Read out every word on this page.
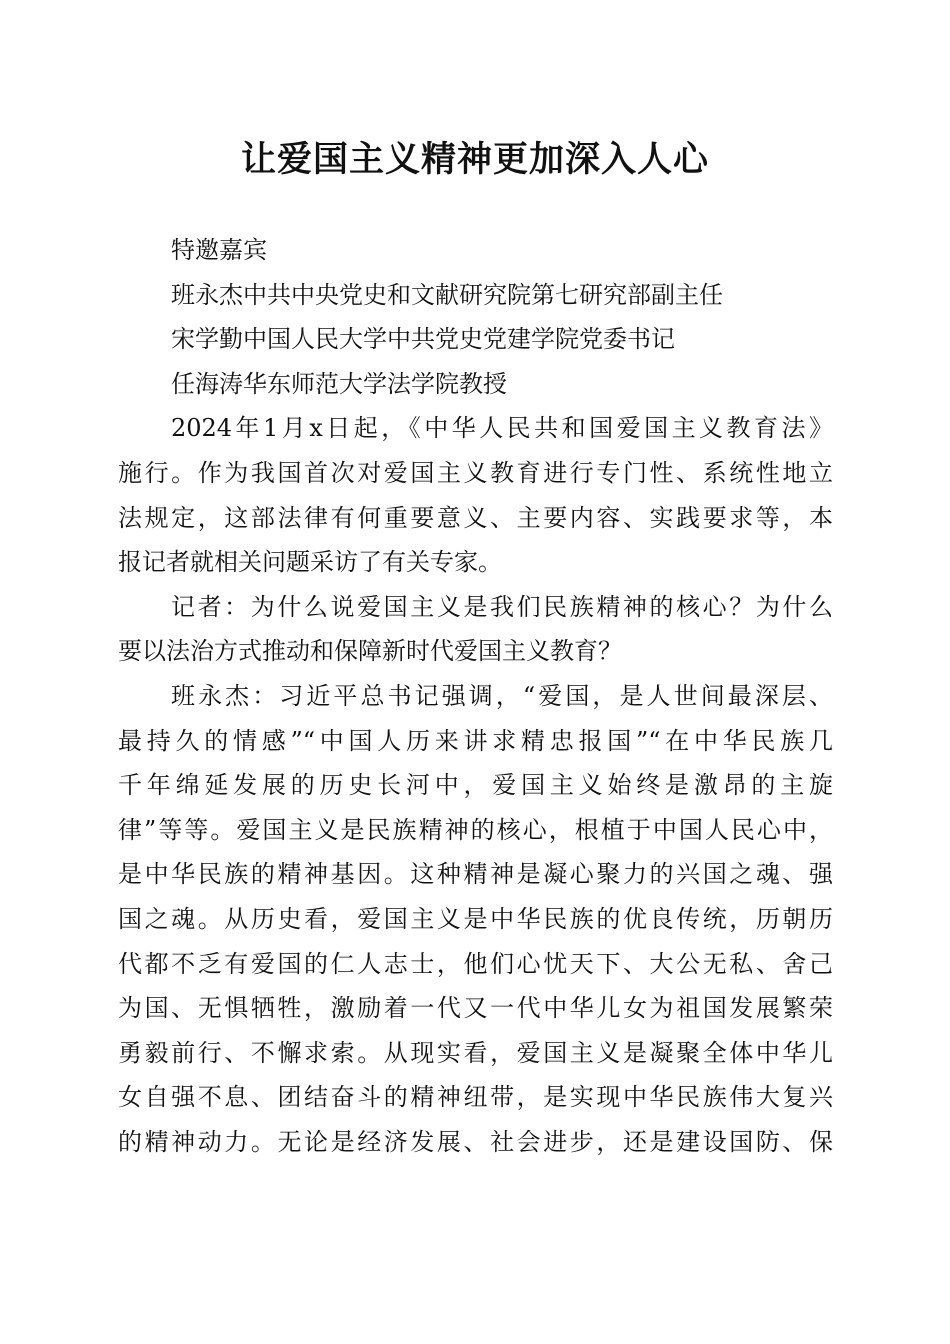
让爱国主义精神更加深入人心

特邀嘉宾

班永杰中共中央党史和文献研究院第七研究部副主任

宋学勤中国人民大学中共党史党建学院党委书记

任海涛华东师范大学法学院教授

2024年1月x日起，《中华人民共和国爱国主义教育法》

施行。作为我国首次对爱国主义教育进行专门性、系统性地立

法规定，这部法律有何重要意义、主要内容、实践要求等，本

报记者就相关问题采访了有关专家。

记者：为什么说爱国主义是我们民族精神的核心？为什么

要以法治方式推动和保障新时代爱国主义教育？

班永杰：习近平总书记强调，“爱国，是人世间最深层、

最持久的情感”“中国人历来讲求精忠报国”“在中华民族几

千年绵延发展的历史长河中，爱国主义始终是激昂的主旋

律”等等。爱国主义是民族精神的核心，根植于中国人民心中，

是中华民族的精神基因。这种精神是凝心聚力的兴国之魂、强

国之魂。从历史看，爱国主义是中华民族的优良传统，历朝历

代都不乏有爱国的仁人志士，他们心忧天下、大公无私、舍己

为国、无惧牺牲，激励着一代又一代中华儿女为祖国发展繁荣

勇毅前行、不懈求索。从现实看，爱国主义是凝聚全体中华儿

女自强不息、团结奋斗的精神纽带，是实现中华民族伟大复兴

的精神动力。无论是经济发展、社会进步，还是建设国防、保
